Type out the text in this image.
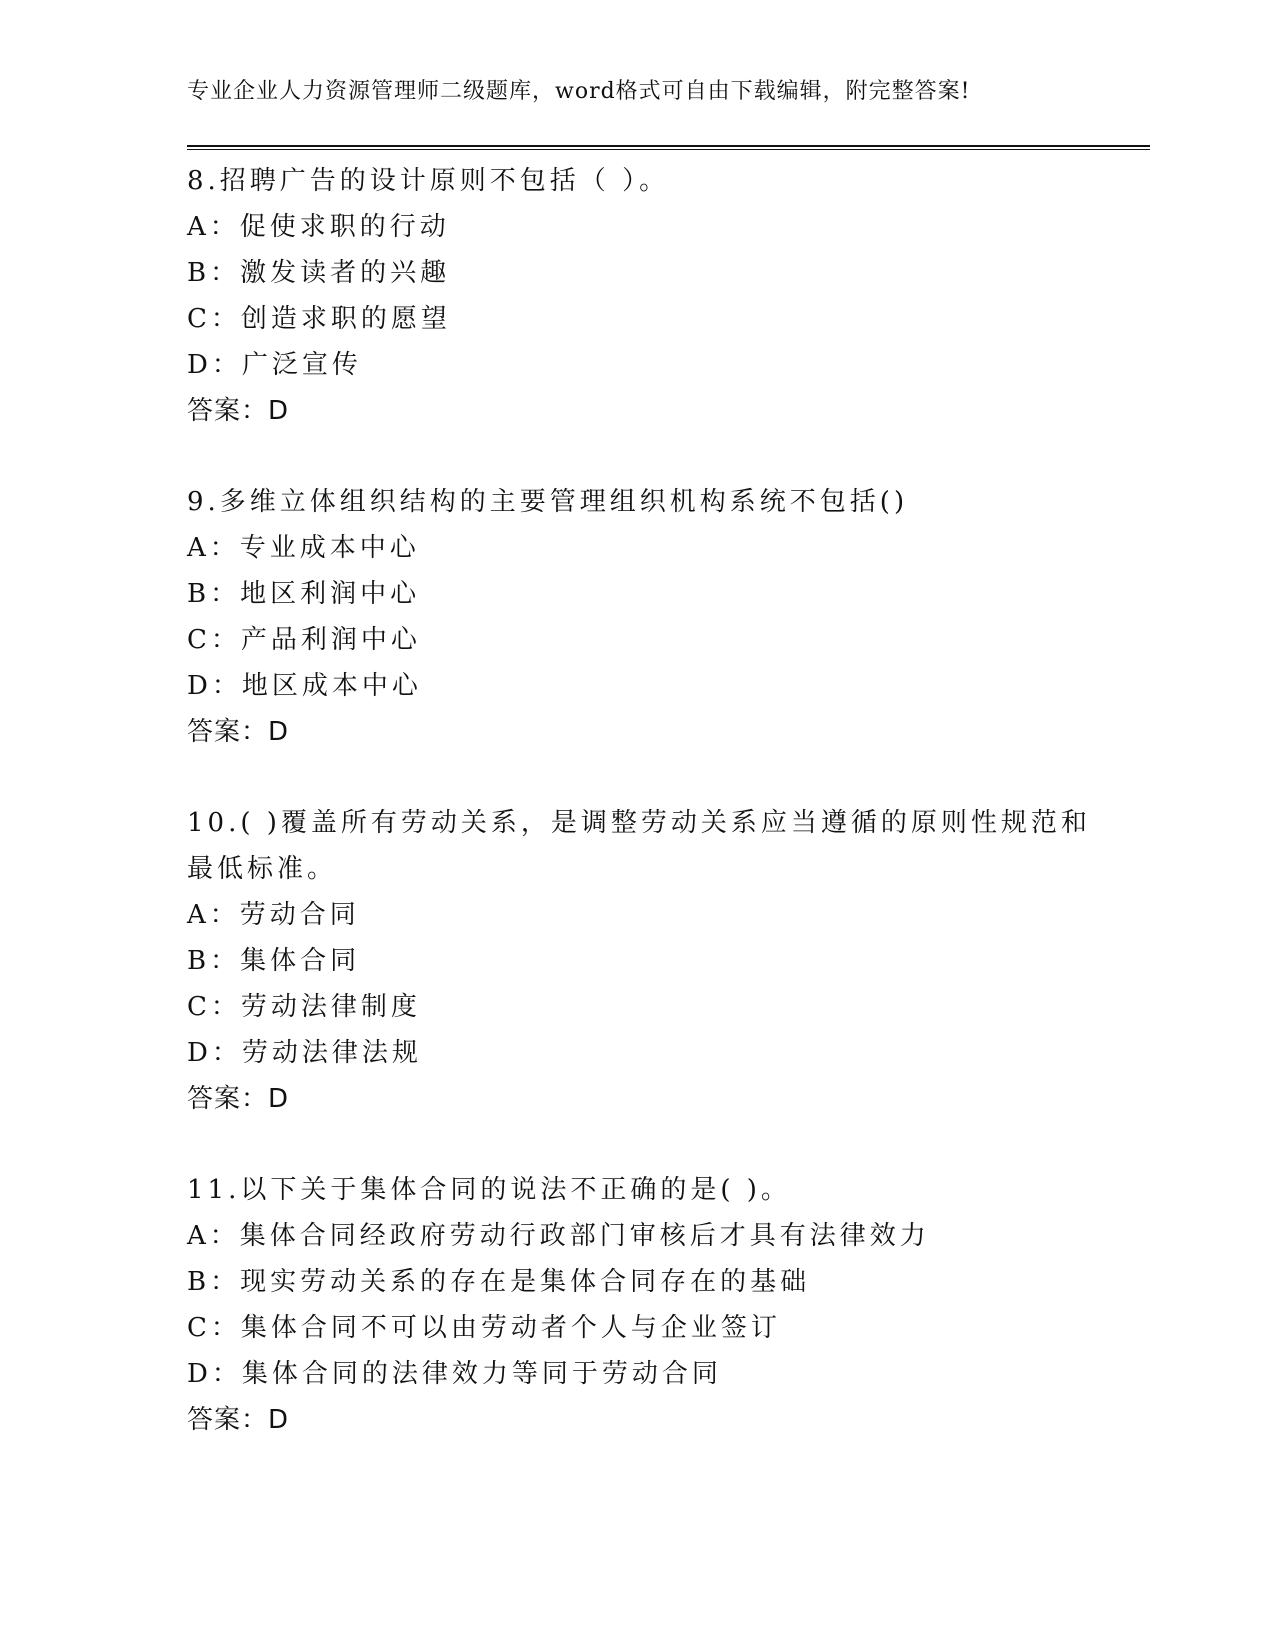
专业企业人力资源管理师二级题库，word格式可自由下载编辑，附完整答案!
8.招聘广告的设计原则不包括（ ）。
A：促使求职的行动
B：激发读者的兴趣
C：创造求职的愿望
D：广泛宣传
答案：D
9.多维立体组织结构的主要管理组织机构系统不包括()
A：专业成本中心
B：地区利润中心
C：产品利润中心
D：地区成本中心
答案：D
10.( )覆盖所有劳动关系，是调整劳动关系应当遵循的原则性规范和
最低标准。
A：劳动合同
B：集体合同
C：劳动法律制度
D：劳动法律法规
答案：D
11.以下关于集体合同的说法不正确的是( )。
A：集体合同经政府劳动行政部门审核后才具有法律效力
B：现实劳动关系的存在是集体合同存在的基础
C：集体合同不可以由劳动者个人与企业签订
D：集体合同的法律效力等同于劳动合同
答案：D
